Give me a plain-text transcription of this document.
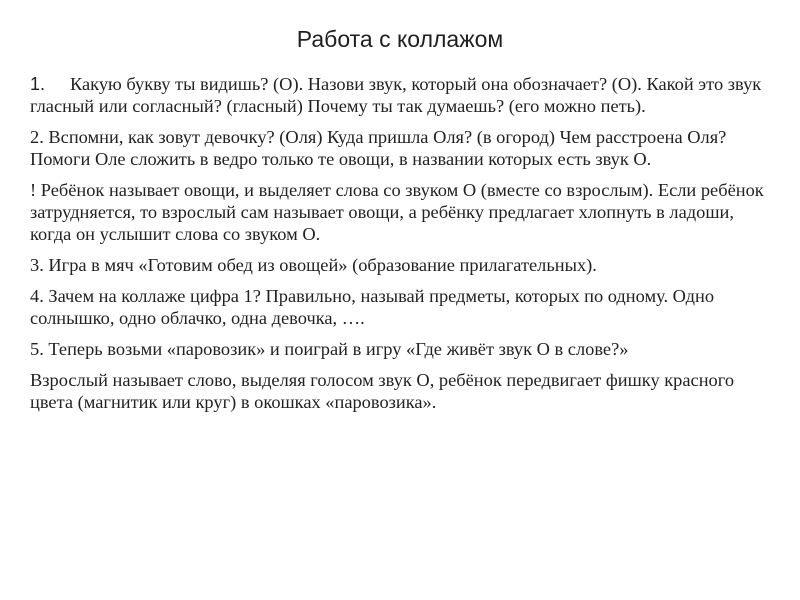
Работа с коллажом

1. Какую букву ты видишь? (О). Назови звук, который она обозначает? (О). Какой это звук гласный или согласный? (гласный) Почему ты так думаешь? (его можно петь).

2. Вспомни, как зовут девочку? (Оля) Куда пришла Оля? (в огород) Чем расстроена Оля? Помоги Оле сложить в ведро только те овощи, в названии которых есть звук О.

! Ребёнок называет овощи, и выделяет слова со звуком О (вместе со взрослым). Если ребёнок затрудняется, то взрослый сам называет овощи, а ребёнку предлагает хлопнуть в ладоши, когда он услышит слова со звуком О.

3. Игра в мяч «Готовим обед из овощей» (образование прилагательных).

4. Зачем на коллаже цифра 1? Правильно, называй предметы, которых по одному. Одно солнышко, одно облачко, одна девочка, ….

5. Теперь возьми «паровозик» и поиграй в игру «Где живёт звук О в слове?»

Взрослый называет слово, выделяя голосом звук О, ребёнок передвигает фишку красного цвета (магнитик или круг) в окошках «паровозика».
